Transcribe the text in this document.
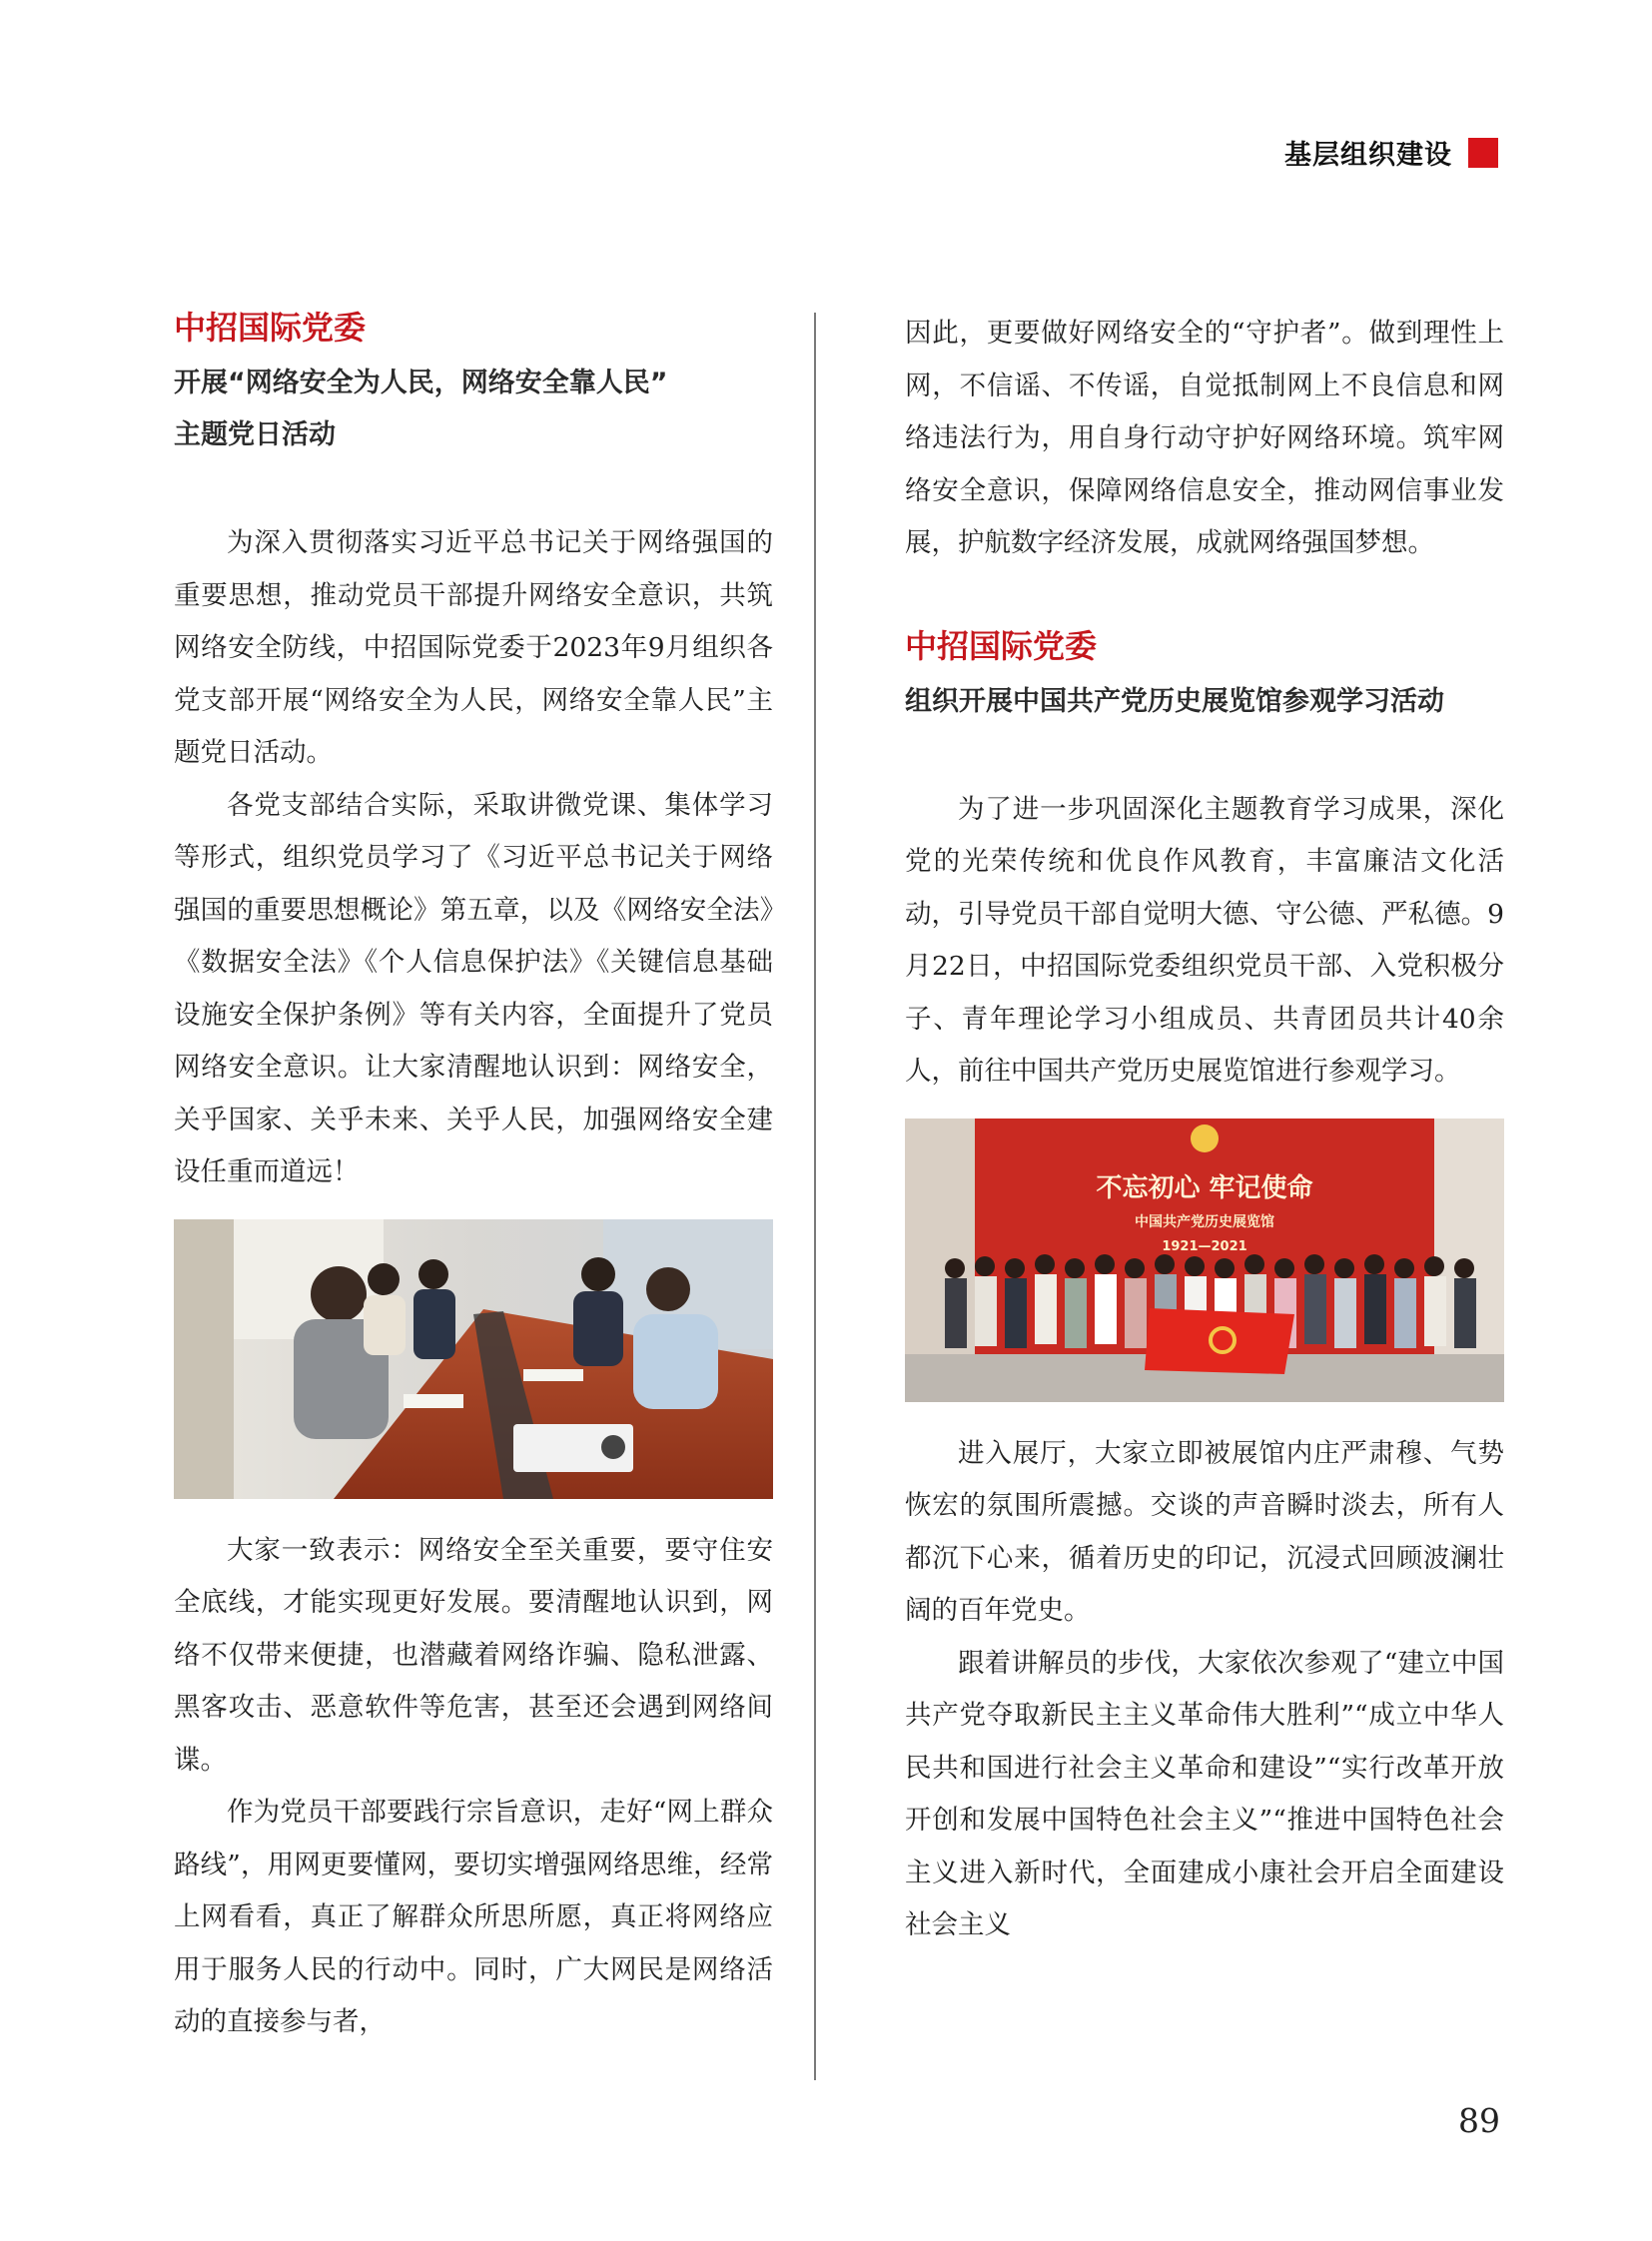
基层组织建设
中招国际党委

开展“网络安全为人民，网络安全靠人民”

主题党日活动

为深入贯彻落实习近平总书记关于网络强国的重要思想，推动党员干部提升网络安全意识，共筑网络安全防线，中招国际党委于2023年9月组织各党支部开展“网络安全为人民，网络安全靠人民”主题党日活动。

各党支部结合实际，采取讲微党课、集体学习等形式，组织党员学习了《习近平总书记关于网络强国的重要思想概论》第五章，以及《网络安全法》《数据安全法》《个人信息保护法》《关键信息基础设施安全保护条例》等有关内容，全面提升了党员网络安全意识。让大家清醒地认识到：网络安全，关乎国家、关乎未来、关乎人民，加强网络安全建设任重而道远！

大家一致表示：网络安全至关重要，要守住安全底线，才能实现更好发展。要清醒地认识到，网络不仅带来便捷，也潜藏着网络诈骗、隐私泄露、黑客攻击、恶意软件等危害，甚至还会遇到网络间谍。

作为党员干部要践行宗旨意识，走好“网上群众路线”，用网更要懂网，要切实增强网络思维，经常上网看看，真正了解群众所思所愿，真正将网络应用于服务人民的行动中。同时，广大网民是网络活动的直接参与者，

因此，更要做好网络安全的“守护者”。做到理性上网，不信谣、不传谣，自觉抵制网上不良信息和网络违法行为，用自身行动守护好网络环境。筑牢网络安全意识，保障网络信息安全，推动网信事业发展，护航数字经济发展，成就网络强国梦想。

中招国际党委

组织开展中国共产党历史展览馆参观学习活动

为了进一步巩固深化主题教育学习成果，深化党的光荣传统和优良作风教育，丰富廉洁文化活动，引导党员干部自觉明大德、守公德、严私德。9月22日，中招国际党委组织党员干部、入党积极分子、青年理论学习小组成员、共青团员共计40余人，前往中国共产党历史展览馆进行参观学习。

不忘初心 牢记使命
中国共产党历史展览馆
1921—2021

进入展厅，大家立即被展馆内庄严肃穆、气势恢宏的氛围所震撼。交谈的声音瞬时淡去，所有人都沉下心来，循着历史的印记，沉浸式回顾波澜壮阔的百年党史。

跟着讲解员的步伐，大家依次参观了“建立中国共产党夺取新民主主义革命伟大胜利”“成立中华人民共和国进行社会主义革命和建设”“实行改革开放开创和发展中国特色社会主义”“推进中国特色社会主义进入新时代，全面建成小康社会开启全面建设社会主义

89
